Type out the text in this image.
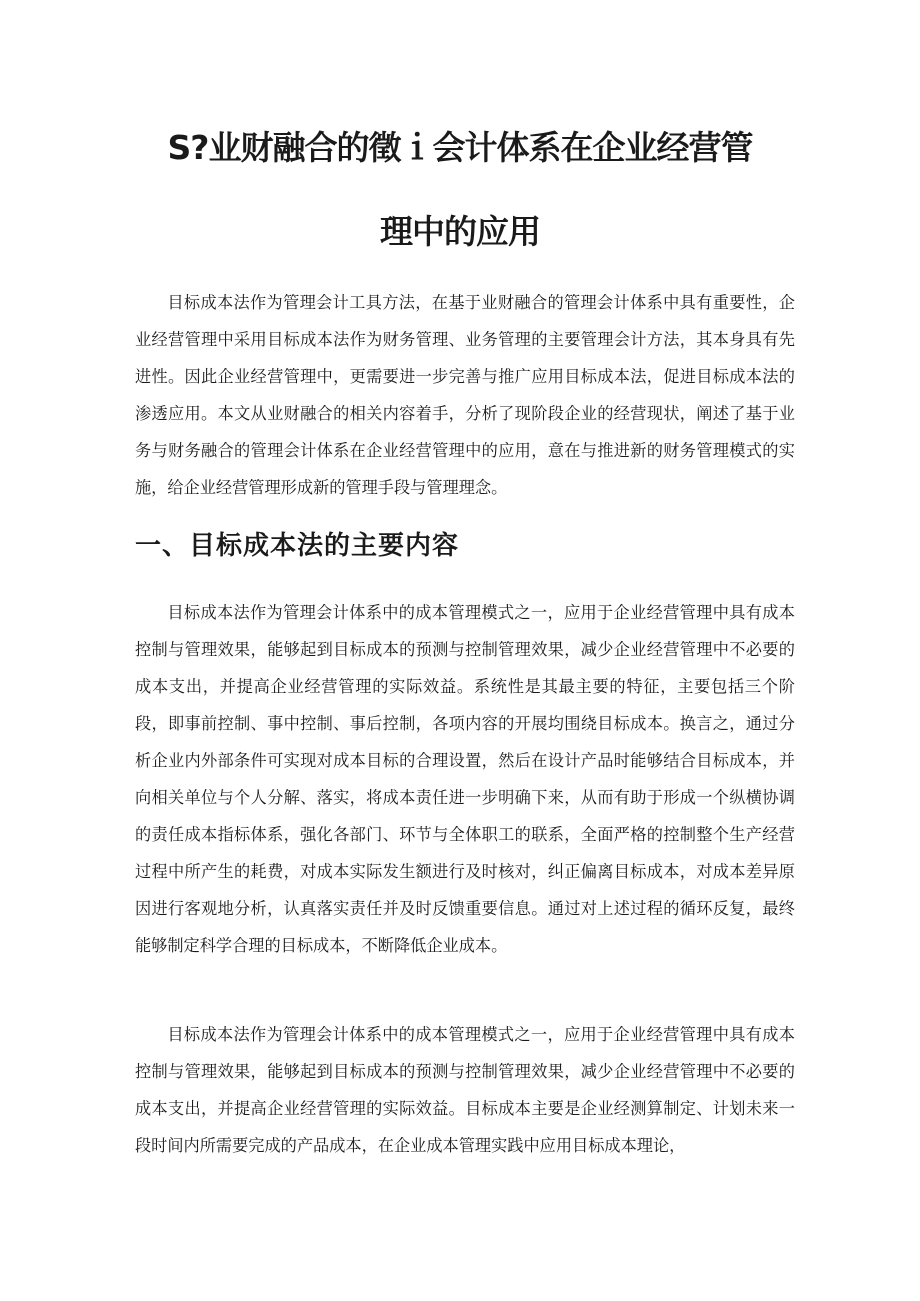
S?业财融合的徵ｉ会计体系在企业经营管
理中的应用

目标成本法作为管理会计工具方法，在基于业财融合的管理会计体系中具有重要性，企业经营管理中采用目标成本法作为财务管理、业务管理的主要管理会计方法，其本身具有先进性。因此企业经营管理中，更需要进一步完善与推广应用目标成本法，促进目标成本法的渗透应用。本文从业财融合的相关内容着手，分析了现阶段企业的经营现状，阐述了基于业务与财务融合的管理会计体系在企业经营管理中的应用，意在与推进新的财务管理模式的实施，给企业经营管理形成新的管理手段与管理理念。

一、目标成本法的主要内容

目标成本法作为管理会计体系中的成本管理模式之一，应用于企业经营管理中具有成本控制与管理效果，能够起到目标成本的预测与控制管理效果，减少企业经营管理中不必要的成本支出，并提高企业经营管理的实际效益。系统性是其最主要的特征，主要包括三个阶段，即事前控制、事中控制、事后控制，各项内容的开展均围绕目标成本。换言之，通过分析企业内外部条件可实现对成本目标的合理设置，然后在设计产品时能够结合目标成本，并向相关单位与个人分解、落实，将成本责任进一步明确下来，从而有助于形成一个纵横协调的责任成本指标体系，强化各部门、环节与全体职工的联系，全面严格的控制整个生产经营过程中所产生的耗费，对成本实际发生额进行及时核对，纠正偏离目标成本，对成本差异原因进行客观地分析，认真落实责任并及时反馈重要信息。通过对上述过程的循环反复，最终能够制定科学合理的目标成本，不断降低企业成本。

目标成本法作为管理会计体系中的成本管理模式之一，应用于企业经营管理中具有成本控制与管理效果，能够起到目标成本的预测与控制管理效果，减少企业经营管理中不必要的成本支出，并提高企业经营管理的实际效益。目标成本主要是企业经测算制定、计划未来一段时间内所需要完成的产品成本，在企业成本管理实践中应用目标成本理论，
